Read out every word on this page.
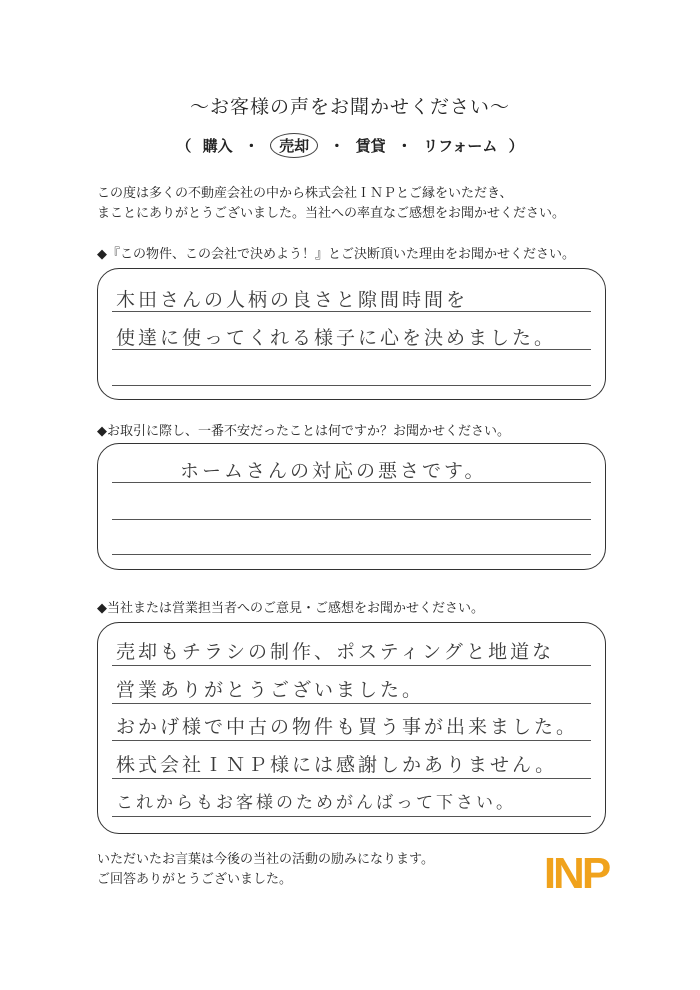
〜お客様の声をお聞かせください〜
（ 購入 ・ 売却 ・ 賃貸 ・ リフォーム ）
この度は多くの不動産会社の中から株式会社ＩＮＰとご縁をいただき、
まことにありがとうございました。当社への率直なご感想をお聞かせください。
◆『この物件、この会社で決めよう！』とご決断頂いた理由をお聞かせください。
木田さんの人柄の良さと隙間時間を
使達に使ってくれる様子に心を決めました。
◆お取引に際し、一番不安だったことは何ですか？お聞かせください。
ホームさんの対応の悪さです。
◆当社または営業担当者へのご意見・ご感想をお聞かせください。
売却もチラシの制作、ポスティングと地道な
営業ありがとうございました。
おかげ様で中古の物件も買う事が出来ました。
株式会社ＩＮＰ様には感謝しかありません。
これからもお客様のためがんばって下さい。
いただいたお言葉は今後の当社の活動の励みになります。
ご回答ありがとうございました。	INP
